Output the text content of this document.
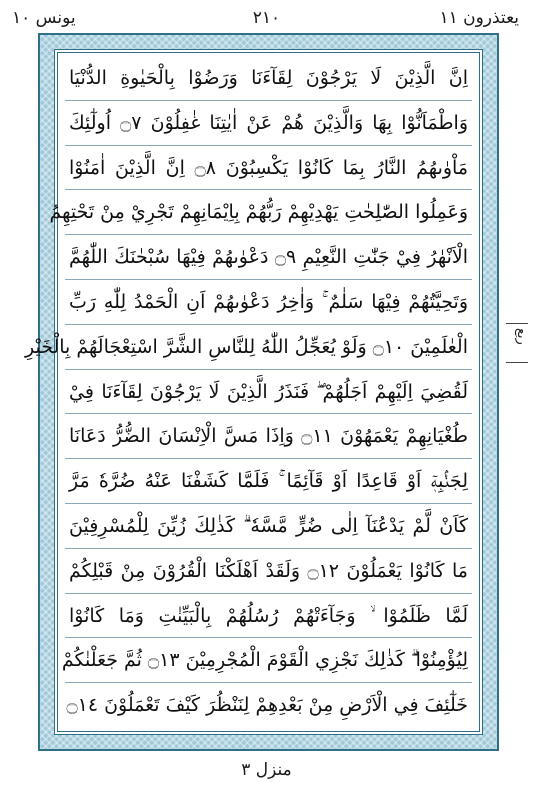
يونس ١٠	٢١٠	يعتذرون ١١
اِنَّ الَّذِيْنَ لَا يَرْجُوْنَ لِقَآءَنَا وَرَضُوْا بِالْحَيٰوةِ الدُّنْيَا
وَاطْمَاَنُّوْا بِهَا وَالَّذِيْنَ هُمْ عَنْ اٰيٰتِنَا غٰفِلُوْنَ ۝٧ اُولٰٓئِكَ
مَاْوٰىهُمُ النَّارُ بِمَا كَانُوْا يَكْسِبُوْنَ ۝٨ اِنَّ الَّذِيْنَ اٰمَنُوْا
وَعَمِلُوا الصّٰلِحٰتِ يَهْدِيْهِمْ رَبُّهُمْ بِاِيْمَانِهِمْ تَجْرِيْ مِنْ تَحْتِهِمُ
الْاَنْهٰرُ فِيْ جَنّٰتِ النَّعِيْمِ ۝٩ دَعْوٰىهُمْ فِيْهَا سُبْحٰنَكَ اللّٰهُمَّ
وَتَحِيَّتُهُمْ فِيْهَا سَلٰمٌ ۚ وَاٰخِرُ دَعْوٰىهُمْ اَنِ الْحَمْدُ لِلّٰهِ رَبِّ
الْعٰلَمِيْنَ ۝١٠ وَلَوْ يُعَجِّلُ اللّٰهُ لِلنَّاسِ الشَّرَّ اسْتِعْجَالَهُمْ بِالْخَيْرِ
لَقُضِيَ اِلَيْهِمْ اَجَلُهُمْ ۖ فَنَذَرُ الَّذِيْنَ لَا يَرْجُوْنَ لِقَآءَنَا فِيْ
طُغْيَانِهِمْ يَعْمَهُوْنَ ۝١١ وَاِذَا مَسَّ الْاِنْسَانَ الضُّرُّ دَعَانَا
لِجَنْۢبِهٖٓ اَوْ قَاعِدًا اَوْ قَآئِمًا ۚ فَلَمَّا كَشَفْنَا عَنْهُ ضُرَّهٗ مَرَّ
كَاَنْ لَّمْ يَدْعُنَآ اِلٰى ضُرٍّ مَّسَّهٗ ۗ كَذٰلِكَ زُيِّنَ لِلْمُسْرِفِيْنَ
مَا كَانُوْا يَعْمَلُوْنَ ۝١٢ وَلَقَدْ اَهْلَكْنَا الْقُرُوْنَ مِنْ قَبْلِكُمْ
لَمَّا ظَلَمُوْا ۙ وَجَآءَتْهُمْ رُسُلُهُمْ بِالْبَيِّنٰتِ وَمَا كَانُوْا
لِيُؤْمِنُوْا ۗ كَذٰلِكَ نَجْزِي الْقَوْمَ الْمُجْرِمِيْنَ ۝١٣ ثُمَّ جَعَلْنٰكُمْ
خَلٰٓئِفَ فِي الْاَرْضِ مِنْ بَعْدِهِمْ لِنَنْظُرَ كَيْفَ تَعْمَلُوْنَ ۝١٤
ربع
منزل ٣
